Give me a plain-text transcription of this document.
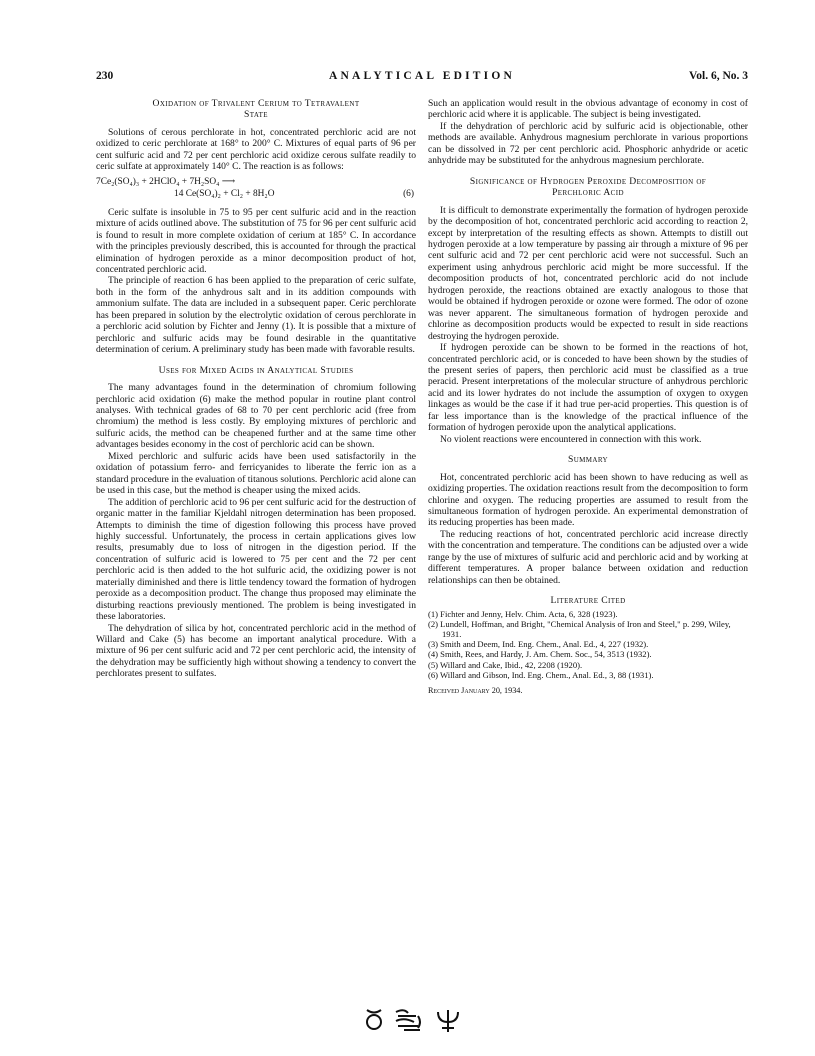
230	ANALYTICAL EDITION	Vol. 6, No. 3
Oxidation of Trivalent Cerium to Tetravalent
State

Solutions of cerous perchlorate in hot, concentrated perchloric acid are not oxidized to ceric perchlorate at 168° to 200° C. Mixtures of equal parts of 96 per cent sulfuric acid and 72 per cent perchloric acid oxidize cerous sulfate readily to ceric sulfate at approximately 140° C. The reaction is as follows:

7Ce₂(SO₄)₃ + 2HClO₄ + 7H₂SO₄ ⟶
14 Ce(SO₄)₂ + Cl₂ + 8H₂O	(6)

Ceric sulfate is insoluble in 75 to 95 per cent sulfuric acid and in the reaction mixture of acids outlined above. The substitution of 75 for 96 per cent sulfuric acid is found to result in more complete oxidation of cerium at 185° C. In accordance with the principles previously described, this is accounted for through the practical elimination of hydrogen peroxide as a minor decomposition product of hot, concentrated perchloric acid.

The principle of reaction 6 has been applied to the preparation of ceric sulfate, both in the form of the anhydrous salt and in its addition compounds with ammonium sulfate. The data are included in a subsequent paper. Ceric perchlorate has been prepared in solution by the electrolytic oxidation of cerous perchlorate in a perchloric acid solution by Fichter and Jenny (1). It is possible that a mixture of perchloric and sulfuric acids may be found desirable in the quantitative determination of cerium. A preliminary study has been made with favorable results.

Uses for Mixed Acids in Analytical Studies

The many advantages found in the determination of chromium following perchloric acid oxidation (6) make the method popular in routine plant control analyses. With technical grades of 68 to 70 per cent perchloric acid (free from chromium) the method is less costly. By employing mixtures of perchloric and sulfuric acids, the method can be cheapened further and at the same time other advantages besides economy in the cost of perchloric acid can be shown.

Mixed perchloric and sulfuric acids have been used satisfactorily in the oxidation of potassium ferro- and ferricyanides to liberate the ferric ion as a standard procedure in the evaluation of titanous solutions. Perchloric acid alone can be used in this case, but the method is cheaper using the mixed acids.

The addition of perchloric acid to 96 per cent sulfuric acid for the destruction of organic matter in the familiar Kjeldahl nitrogen determination has been proposed. Attempts to diminish the time of digestion following this process have proved highly successful. Unfortunately, the process in certain applications gives low results, presumably due to loss of nitrogen in the digestion period. If the concentration of sulfuric acid is lowered to 75 per cent and the 72 per cent perchloric acid is then added to the hot sulfuric acid, the oxidizing power is not materially diminished and there is little tendency toward the formation of hydrogen peroxide as a decomposition product. The change thus proposed may eliminate the disturbing reactions previously mentioned. The problem is being investigated in these laboratories.

The dehydration of silica by hot, concentrated perchloric acid in the method of Willard and Cake (5) has become an important analytical procedure. With a mixture of 96 per cent sulfuric acid and 72 per cent perchloric acid, the intensity of the dehydration may be sufficiently high without showing a tendency to convert the perchlorates present to sulfates.

Such an application would result in the obvious advantage of economy in cost of perchloric acid where it is applicable. The subject is being investigated.

If the dehydration of perchloric acid by sulfuric acid is objectionable, other methods are available. Anhydrous magnesium perchlorate in various proportions can be dissolved in 72 per cent perchloric acid. Phosphoric anhydride or acetic anhydride may be substituted for the anhydrous magnesium perchlorate.

Significance of Hydrogen Peroxide Decomposition of
Perchloric Acid

It is difficult to demonstrate experimentally the formation of hydrogen peroxide by the decomposition of hot, concentrated perchloric acid according to reaction 2, except by interpretation of the resulting effects as shown. Attempts to distill out hydrogen peroxide at a low temperature by passing air through a mixture of 96 per cent sulfuric acid and 72 per cent perchloric acid were not successful. Such an experiment using anhydrous perchloric acid might be more successful. If the decomposition products of hot, concentrated perchloric acid do not include hydrogen peroxide, the reactions obtained are exactly analogous to those that would be obtained if hydrogen peroxide or ozone were formed. The odor of ozone was never apparent. The simultaneous formation of hydrogen peroxide and chlorine as decomposition products would be expected to result in side reactions destroying the hydrogen peroxide.

If hydrogen peroxide can be shown to be formed in the reactions of hot, concentrated perchloric acid, or is conceded to have been shown by the studies of the present series of papers, then perchloric acid must be classified as a true peracid. Present interpretations of the molecular structure of anhydrous perchloric acid and its lower hydrates do not include the assumption of oxygen to oxygen linkages as would be the case if it had true per-acid properties. This question is of far less importance than is the knowledge of the practical influence of the formation of hydrogen peroxide upon the analytical applications.

No violent reactions were encountered in connection with this work.

Summary

Hot, concentrated perchloric acid has been shown to have reducing as well as oxidizing properties. The oxidation reactions result from the decomposition to form chlorine and oxygen. The reducing properties are assumed to result from the simultaneous formation of hydrogen peroxide. An experimental demonstration of its reducing properties has been made.

The reducing reactions of hot, concentrated perchloric acid increase directly with the concentration and temperature. The conditions can be adjusted over a wide range by the use of mixtures of sulfuric acid and perchloric acid and by working at different temperatures. A proper balance between oxidation and reduction relationships can then be obtained.

Literature Cited
(1) Fichter and Jenny, Helv. Chim. Acta, 6, 328 (1923).
(2) Lundell, Hoffman, and Bright, "Chemical Analysis of Iron and Steel," p. 299, Wiley, 1931.
(3) Smith and Deem, Ind. Eng. Chem., Anal. Ed., 4, 227 (1932).
(4) Smith, Rees, and Hardy, J. Am. Chem. Soc., 54, 3513 (1932).
(5) Willard and Cake, Ibid., 42, 2208 (1920).
(6) Willard and Gibson, Ind. Eng. Chem., Anal. Ed., 3, 88 (1931).
Received January 20, 1934.
